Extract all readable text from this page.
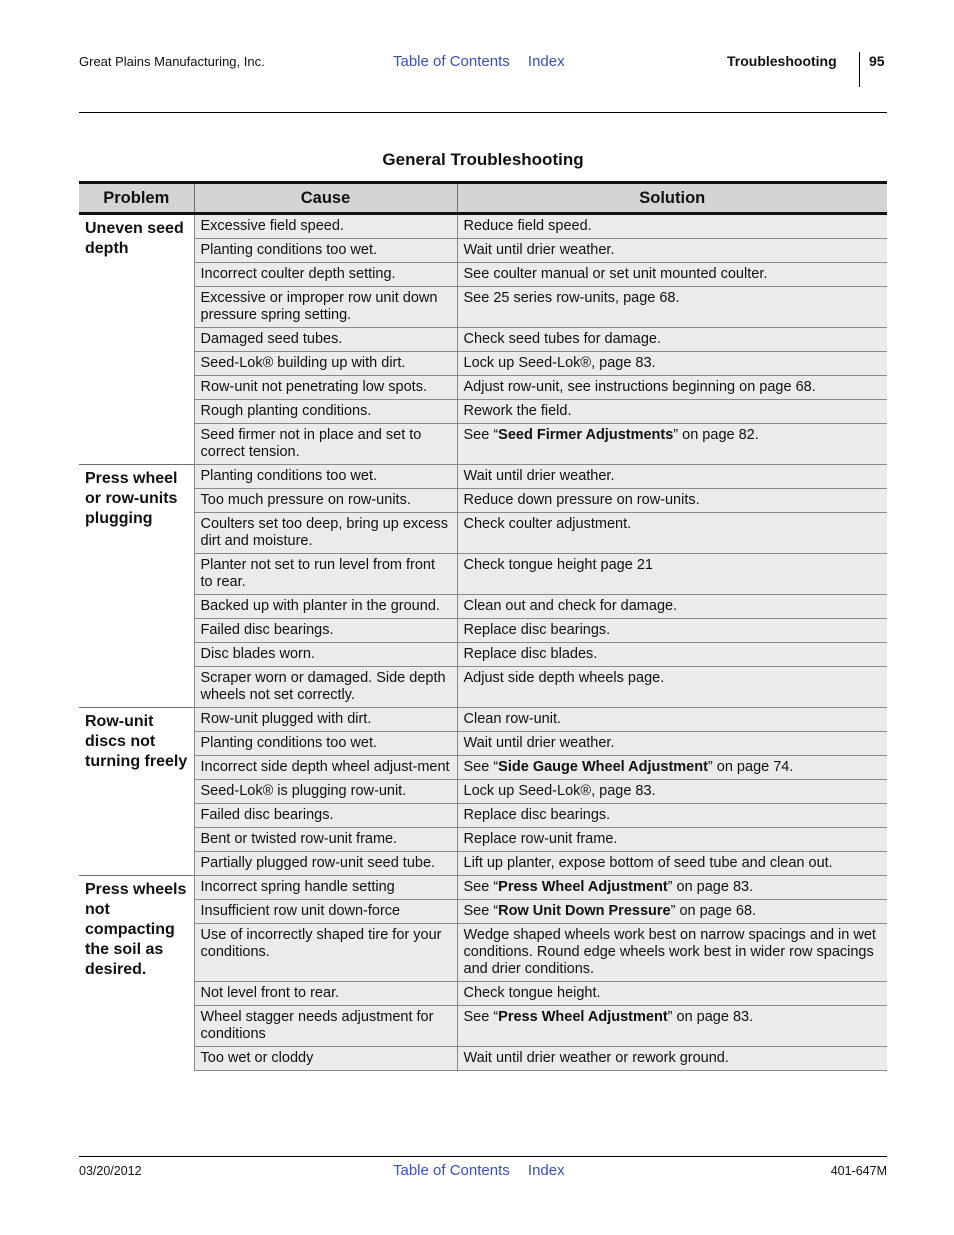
Great Plains Manufacturing, Inc.	Table of Contents Index	Troubleshooting 95
General Troubleshooting
Problem	Cause	Solution
Uneven seed depth	Excessive field speed.	Reduce field speed.
	Planting conditions too wet.	Wait until drier weather.
	Incorrect coulter depth setting.	See coulter manual or set unit mounted coulter.
	Excessive or improper row unit down pressure spring setting.	See 25 series row-units, page 68.
	Damaged seed tubes.	Check seed tubes for damage.
	Seed-Lok® building up with dirt.	Lock up Seed-Lok®, page 83.
	Row-unit not penetrating low spots.	Adjust row-unit, see instructions beginning on page 68.
	Rough planting conditions.	Rework the field.
	Seed firmer not in place and set to correct tension.	See “Seed Firmer Adjustments” on page 82.
Press wheel or row-units plugging	Planting conditions too wet.	Wait until drier weather.
	Too much pressure on row-units.	Reduce down pressure on row-units.
	Coulters set too deep, bring up excess dirt and moisture.	Check coulter adjustment.
	Planter not set to run level from front to rear.	Check tongue height page 21
	Backed up with planter in the ground.	Clean out and check for damage.
	Failed disc bearings.	Replace disc bearings.
	Disc blades worn.	Replace disc blades.
	Scraper worn or damaged. Side depth wheels not set correctly.	Adjust side depth wheels page.
Row-unit discs not turning freely	Row-unit plugged with dirt.	Clean row-unit.
	Planting conditions too wet.	Wait until drier weather.
	Incorrect side depth wheel adjust-ment	See “Side Gauge Wheel Adjustment” on page 74.
	Seed-Lok® is plugging row-unit.	Lock up Seed-Lok®, page 83.
	Failed disc bearings.	Replace disc bearings.
	Bent or twisted row-unit frame.	Replace row-unit frame.
	Partially plugged row-unit seed tube.	Lift up planter, expose bottom of seed tube and clean out.
Press wheels not compacting the soil as desired.	Incorrect spring handle setting	See “Press Wheel Adjustment” on page 83.
	Insufficient row unit down-force	See “Row Unit Down Pressure” on page 68.
	Use of incorrectly shaped tire for your conditions.	Wedge shaped wheels work best on narrow spacings and in wet conditions. Round edge wheels work best in wider row spacings and drier conditions.
	Not level front to rear.	Check tongue height.
	Wheel stagger needs adjustment for conditions	See “Press Wheel Adjustment” on page 83.
	Too wet or cloddy	Wait until drier weather or rework ground.
03/20/2012	Table of Contents Index	401-647M
